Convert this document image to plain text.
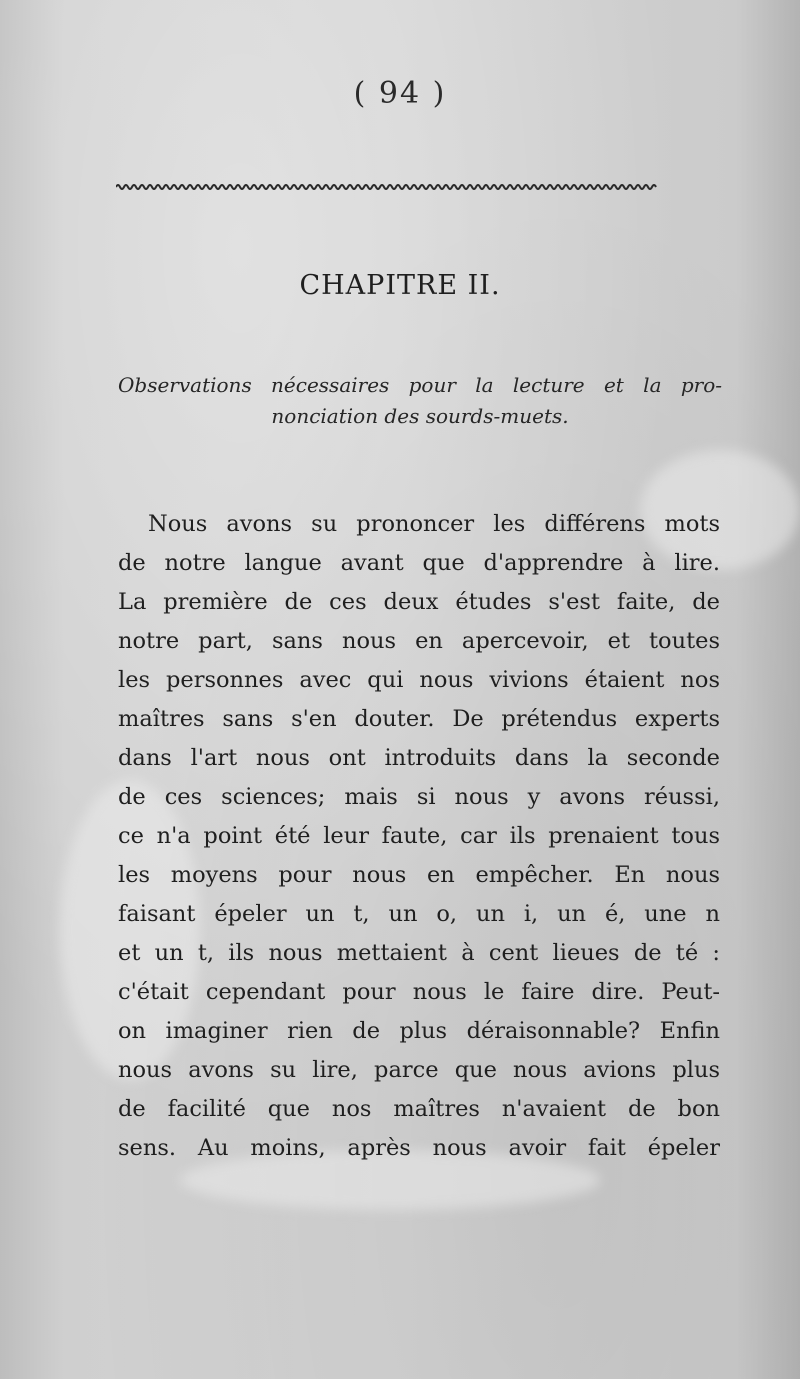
( 94 )
CHAPITRE II.
Observations nécessaires pour la lecture et la pro-
nonciation des sourds-muets.
Nous avons su prononcer les différens mots
de notre langue avant que d'apprendre à lire.
La première de ces deux études s'est faite, de
notre part, sans nous en apercevoir, et toutes
les personnes avec qui nous vivions étaient nos
maîtres sans s'en douter. De prétendus experts
dans l'art nous ont introduits dans la seconde
de ces sciences; mais si nous y avons réussi,
ce n'a point été leur faute, car ils prenaient tous
les moyens pour nous en empêcher. En nous
faisant épeler un t, un o, un i, un é, une n
et un t, ils nous mettaient à cent lieues de té :
c'était cependant pour nous le faire dire. Peut-
on imaginer rien de plus déraisonnable? Enfin
nous avons su lire, parce que nous avions plus
de facilité que nos maîtres n'avaient de bon
sens. Au moins, après nous avoir fait épeler
